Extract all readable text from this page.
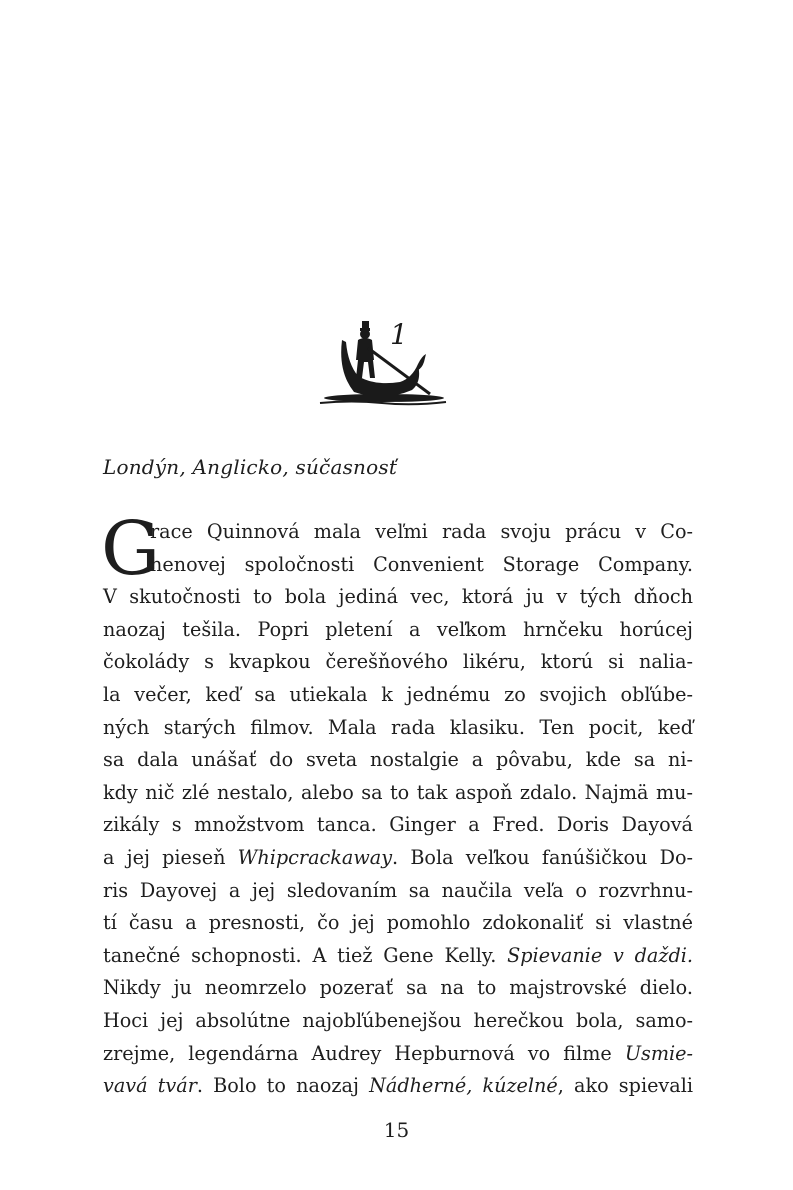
1
Londýn, Anglicko, súčasnosť
G
race Quinnová mala veľmi rada svoju prácu v Co-
henovej spoločnosti Convenient Storage Company.
V skutočnosti to bola jediná vec, ktorá ju v tých dňoch
naozaj tešila. Popri pletení a veľkom hrnčeku horúcej
čokolády s kvapkou čerešňového likéru, ktorú si nalia-
la večer, keď sa utiekala k jednému zo svojich obľúbe-
ných starých filmov. Mala rada klasiku. Ten pocit, keď
sa dala unášať do sveta nostalgie a pôvabu, kde sa ni-
kdy nič zlé nestalo, alebo sa to tak aspoň zdalo. Najmä mu-
zikály s množstvom tanca. Ginger a Fred. Doris Dayová
a jej pieseň Whipcrackaway. Bola veľkou fanúšičkou Do-
ris Dayovej a jej sledovaním sa naučila veľa o rozvrhnu-
tí času a presnosti, čo jej pomohlo zdokonaliť si vlastné
tanečné schopnosti. A tiež Gene Kelly. Spievanie v daždi.
Nikdy ju neomrzelo pozerať sa na to majstrovské dielo.
Hoci jej absolútne najobľúbenejšou herečkou bola, samo-
zrejme, legendárna Audrey Hepburnová vo filme Usmie-
vavá tvár. Bolo to naozaj Nádherné, kúzelné, ako spievali
15
